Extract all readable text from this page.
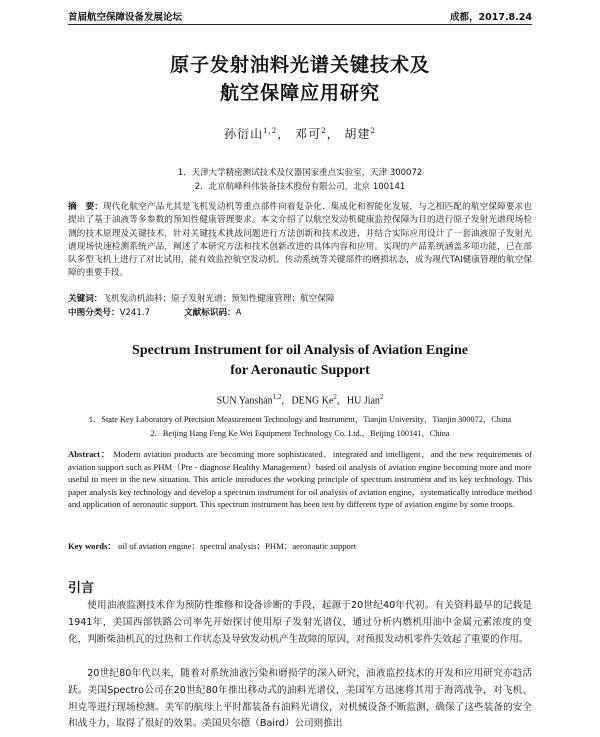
首届航空保障设备发展论坛	成都，2017.8.24
原子发射油料光谱关键技术及
航空保障应用研究
孙衍山$^{1,2}$， 邓可$^2$， 胡建$^2$
1．天津大学精密测试技术及仪器国家重点实验室，天津 300072
2．北京航峰科伟装备技术股份有限公司，北京 100141
摘　要：现代化航空产品尤其是飞机发动机等重点部件向着复杂化、集成化和智能化发展，与之相匹配的航空保障要求也提出了基于油液等多参数的预知性健康管理要求。本文介绍了以航空发动机健康监控保障为目的进行原子发射光谱现场检测的技术原理及关键技术，针对关键技术挑战问题进行方法创新和技术改进，并结合实际应用设计了一套油液原子发射光谱现场快速检测系统产品，阐述了本研究方法和技术创新改进的具体内容和应用。实现的产品系统涵盖多项功能，已在部队多型飞机上进行了对比试用，能有效监控航空发动机、传动系统等关键部件的磨损状态，成为现代TAI健康管理的航空保障的重要手段。
关键词：飞机发动机油料；原子发射光谱；预知性健康管理；航空保障
中图分类号：V241.7	文献标识码：A
Spectrum Instrument for oil Analysis of Aviation Engine
for Aeronautic Support
SUN Yanshan$^{1,2}$,   DENG Ke$^2$,   HU Jian$^2$
1．State Key Laboratory of Precision Measurement Technology and Instrument，Tianjin University，Tianjin 300072，China
2．Beijing Hang Feng Ke Wei Equipment Technology Co. Ltd.，Beijing 100141，China
Abstract： Modern aviation products are becoming more sophisticated，integrated and intelligent，and the new requirements of aviation support such as PHM（Pre - diagnose Healthy Management）based oil analysis of aviation engine becoming more and more useful to meet in the new situation. This article introduces the working principle of spectrum instrument and its key technology. This paper analysis key technology and develop a spectrum instrument for oil analysis of aviation engine，systematically introduce method and application of aeronautic support. This spectrum instrument has been test by different type of aviation engine by some troops.
Key words： oil of aviation engine；spectral analysis；PHM；aeronautic support
引言
使用油液监测技术作为预防性维修和设备诊断的手段，起源于20世纪40年代初。有关资料最早的记载是1941年，美国西部铁路公司率先开始探讨使用原子发射光谱仪，通过分析内燃机用油中金属元素浓度的变化，判断柴油机瓦的过热和工作状态及导致发动机产生故障的原因，对预报发动机零件失效起了重要的作用。
20世纪80年代以来，随着对系统油液污染和磨损学的深入研究，油液监控技术的开发和应用研究亦趋活跃。美国Spectro公司在20世纪80年推出移动式的油料光谱仪，美国军方迅速将其用于海湾战争，对飞机、坦克等进行现场检测。美军的航母上平时都装备有油料光谱仪，对机械设备不断监测，确保了这些装备的安全和战斗力，取得了很好的效果。美国贝尔德（Baird）公司则推出
